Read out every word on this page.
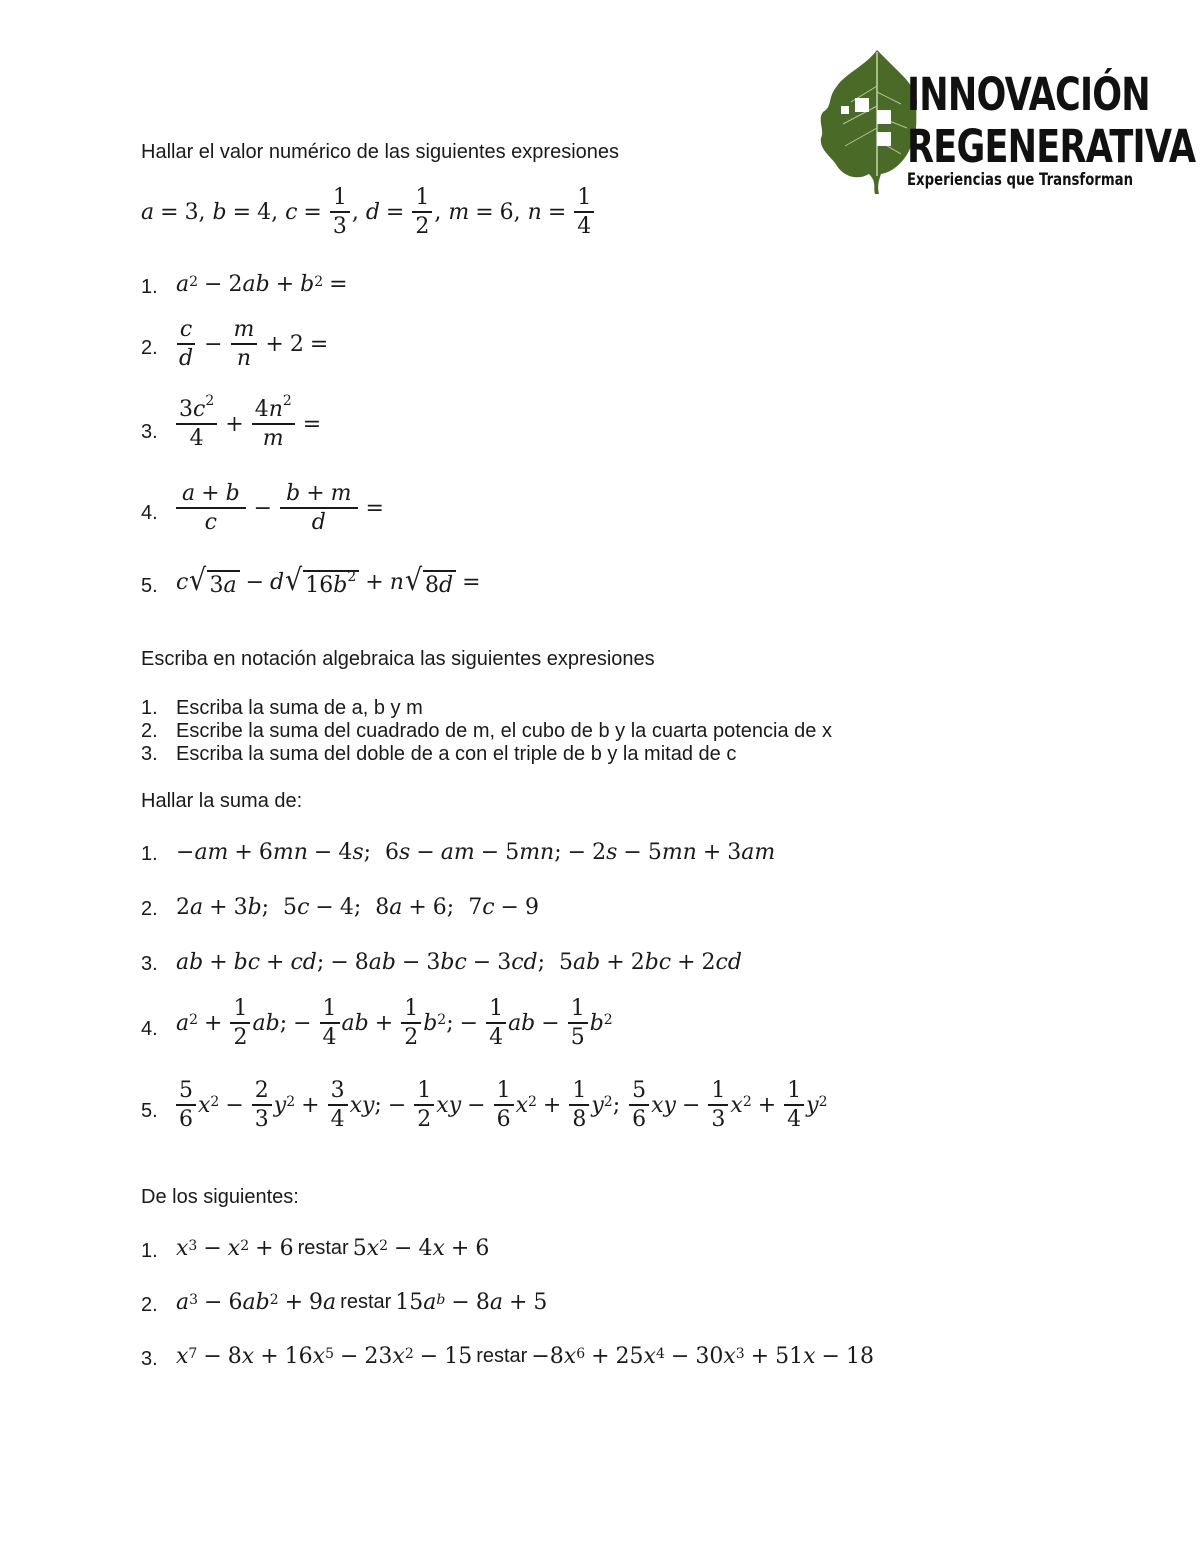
INNOVACIÓN
REGENERATIVA
Experiencias que Transforman
Hallar el valor numérico de las siguientes expresiones
a = 3, b = 4, $c = \frac{1}{3}$ , $d = \frac{1}{2}$ , m = 6, $n = \frac{1}{4}$
1. $a^2 - 2$ ab + $b^2$ =
2. $\frac{c}{d} - \frac{m}{n} + 2$ =
3. $\frac{3c^2}{4} + \frac{4n^2}{m}$ =
4. $\frac{a + b}{c} - \frac{b + m}{d}$ =
5. c √ 3a − d √ $16b^2 + n$ √ 8d =
Escriba en notación algebraica las siguientes expresiones
1. Escriba la suma de a, b y m
2. Escribe la suma del cuadrado de m, el cubo de b y la cuarta potencia de x
3. Escriba la suma del doble de a con el triple de b y la mitad de c
Hallar la suma de:
1. − am + 6 mn − 4 s ;  6 s − am − 5 mn ; − 2 s − 5 mn + 3 am
2. 2 a + 3 b ;  5 c − 4;  8 a + 6;  7 c − 9
3. ab + bc + cd ; − 8 ab − 3 bc − 3 cd ;  5 ab + 2 bc + 2 cd
4. $a^2 + \frac{1}{2}$ ab ; − $\frac{1}{4}$ ab + $\frac{1}{2} b^2$ ; − $\frac{1}{4}$ ab − $\frac{1}{5} b^2$
5. $\frac{5}{6} x^2 - \frac{2}{3} y^2 + \frac{3}{4}$ xy ; − $\frac{1}{2}$ xy − $\frac{1}{6} x^2 + \frac{1}{8} y^2$ ; $\frac{5}{6}$ xy − $\frac{1}{3} x^2 + \frac{1}{4} y^2$
De los siguientes:
1. $x^3 - x^2 + 6$ restar 5 $x^2 - 4$ x + 6
2. $a^3 - 6$ $ab^2 + 9$ a restar 15 $a^b - 8$ a + 5
3. $x^7 - 8$ x + 16 $x^5 - 23$ $x^2 - 15$ restar −8 $x^6 + 25$ $x^4 - 30$ $x^3 + 51$ x − 18
